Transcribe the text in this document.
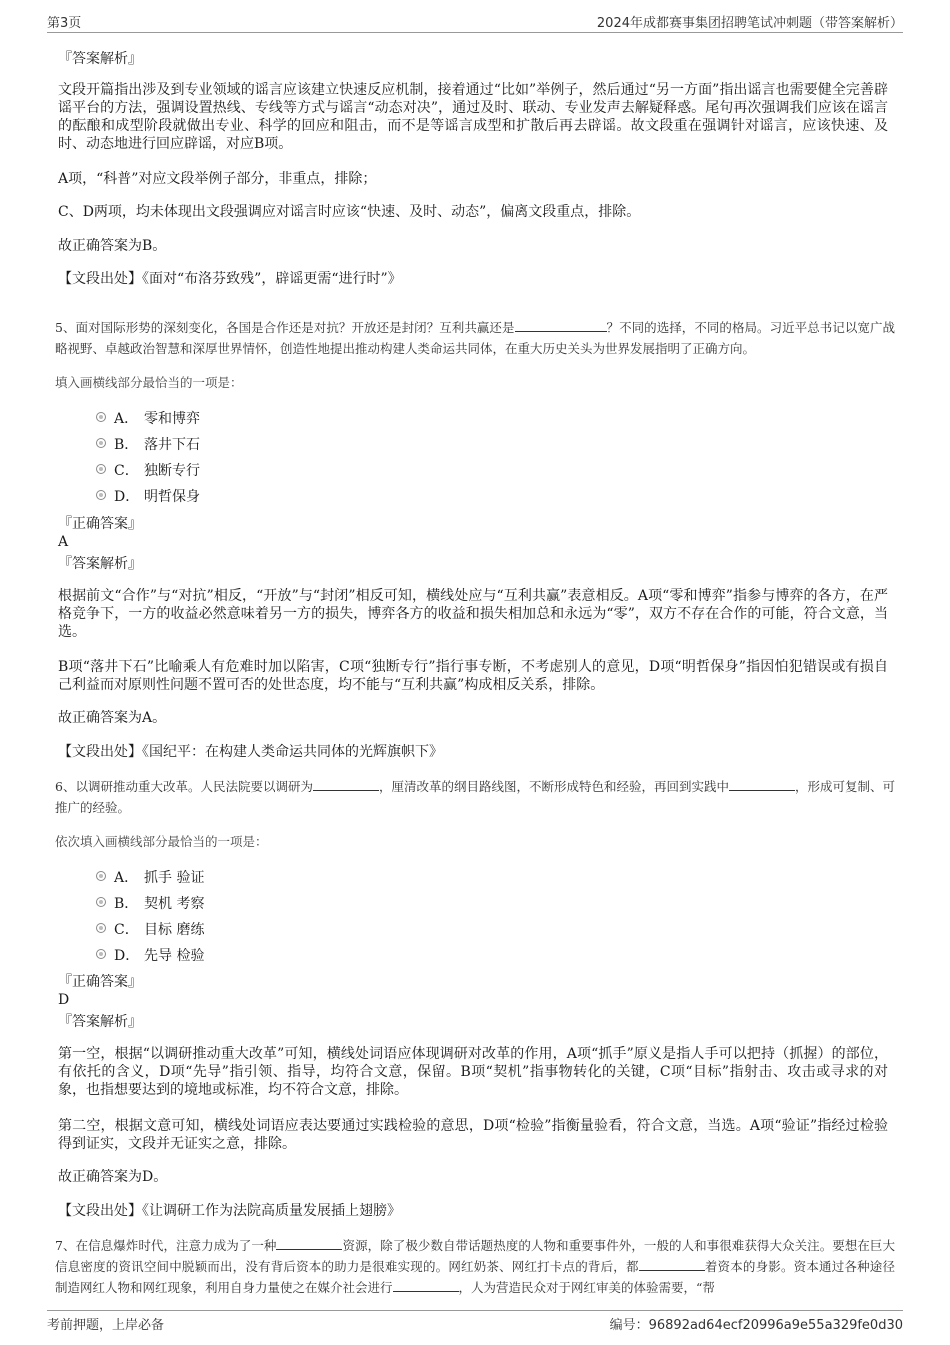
第3页	2024年成都赛事集团招聘笔试冲刺题（带答案解析）
『答案解析』
文段开篇指出涉及到专业领域的谣言应该建立快速反应机制，接着通过“比如”举例子，然后通过“另一方面”指出谣言也需要健全完善辟谣平台的方法，强调设置热线、专线等方式与谣言“动态对决”，通过及时、联动、专业发声去解疑释惑。尾句再次强调我们应该在谣言的酝酿和成型阶段就做出专业、科学的回应和阻击，而不是等谣言成型和扩散后再去辟谣。故文段重在强调针对谣言，应该快速、及时、动态地进行回应辟谣，对应B项。
A项，“科普”对应文段举例子部分，非重点，排除；
C、D两项，均未体现出文段强调应对谣言时应该“快速、及时、动态”，偏离文段重点，排除。
故正确答案为B。
【文段出处】《面对“布洛芬致残”，辟谣更需“进行时”》
5、面对国际形势的深刻变化，各国是合作还是对抗？开放还是封闭？互利共赢还是	？不同的选择，不同的格局。习近平总书记以宽广战略视野、卓越政治智慧和深厚世界情怀，创造性地提出推动构建人类命运共同体，在重大历史关头为世界发展指明了正确方向。
填入画横线部分最恰当的一项是：
A． 零和博弈
B． 落井下石
C． 独断专行
D． 明哲保身
『正确答案』
A
『答案解析』
根据前文“合作”与“对抗”相反，“开放”与“封闭”相反可知，横线处应与“互利共赢”表意相反。A项“零和博弈”指参与博弈的各方，在严格竞争下，一方的收益必然意味着另一方的损失，博弈各方的收益和损失相加总和永远为“零”，双方不存在合作的可能，符合文意，当选。
B项“落井下石”比喻乘人有危难时加以陷害，C项“独断专行”指行事专断，不考虑别人的意见，D项“明哲保身”指因怕犯错误或有损自己利益而对原则性问题不置可否的处世态度，均不能与“互利共赢”构成相反关系，排除。
故正确答案为A。
【文段出处】《国纪平：在构建人类命运共同体的光辉旗帜下》
6、以调研推动重大改革。人民法院要以调研为	，厘清改革的纲目路线图，不断形成特色和经验，再回到实践中	，形成可复制、可推广的经验。
依次填入画横线部分最恰当的一项是：
A． 抓手 验证
B． 契机 考察
C． 目标 磨练
D． 先导 检验
『正确答案』
D
『答案解析』
第一空，根据“以调研推动重大改革”可知，横线处词语应体现调研对改革的作用，A项“抓手”原义是指人手可以把持（抓握）的部位，有依托的含义，D项“先导”指引领、指导，均符合文意，保留。B项“契机”指事物转化的关键，C项“目标”指射击、攻击或寻求的对象，也指想要达到的境地或标准，均不符合文意，排除。
第二空，根据文意可知，横线处词语应表达要通过实践检验的意思，D项“检验”指衡量验看，符合文意，当选。A项“验证”指经过检验得到证实，文段并无证实之意，排除。
故正确答案为D。
【文段出处】《让调研工作为法院高质量发展插上翅膀》
7、在信息爆炸时代，注意力成为了一种	资源，除了极少数自带话题热度的人物和重要事件外，一般的人和事很难获得大众关注。要想在巨大信息密度的资讯空间中脱颖而出，没有背后资本的助力是很难实现的。网红奶茶、网红打卡点的背后，都	着资本的身影。资本通过各种途径制造网红人物和网红现象，利用自身力量使之在媒介社会进行	，人为营造民众对于网红审美的体验需要，“帮
考前押题，上岸必备	编号：96892ad64ecf20996a9e55a329fe0d30
